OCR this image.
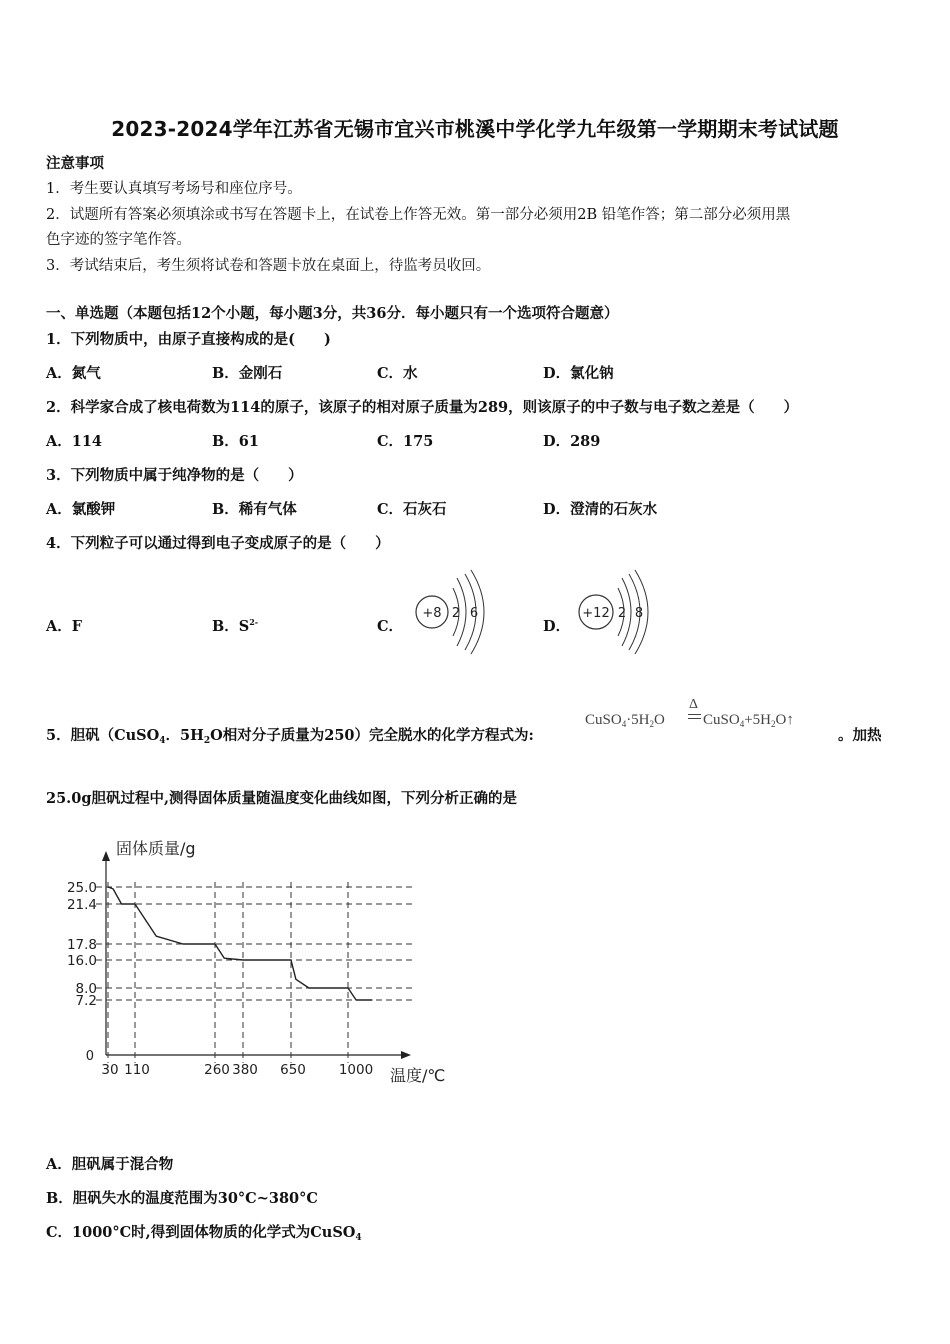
2023-2024学年江苏省无锡市宜兴市桃溪中学化学九年级第一学期期末考试试题
注意事项
1．考生要认真填写考场号和座位序号。
2．试题所有答案必须填涂或书写在答题卡上，在试卷上作答无效。第一部分必须用2B 铅笔作答；第二部分必须用黑
色字迹的签字笔作答。
3．考试结束后，考生须将试卷和答题卡放在桌面上，待监考员收回。
一、单选题（本题包括12个小题，每小题3分，共36分．每小题只有一个选项符合题意）
1．下列物质中，由原子直接构成的是(　　)
A．氮气	B．金刚石	C．水	D．氯化钠
2．科学家合成了核电荷数为114的原子，该原子的相对原子质量为289，则该原子的中子数与电子数之差是（　　）
A．114	B．61	C．175	D．289
3．下列物质中属于纯净物的是（　　）
A．氯酸钾	B．稀有气体	C．石灰石	D．澄清的石灰水
4．下列粒子可以通过得到电子变成原子的是（　　）
A．F	B．$S^{2-}$	C．	D．
+8 2 6	+12 2 8
5．胆矾（CuSO$_4$．$5H_2O$相对分子质量为250）完全脱水的化学方程式为:
$CuSO_4\cdot 5H_2O$
Δ
$CuSO_4+5H_2O↑$
。加热
25.0g胆矾过程中,测得固体质量随温度变化曲线如图，下列分析正确的是
固体质量/g
温度/℃
0
25.0
21.4
17.8
16.0
8.0
7.2
30 110	260 380 650 1000
A．胆矾属于混合物
B．胆矾失水的温度范围为30°C~380°C
C．1000°C时,得到固体物质的化学式为CuSO$_4$
